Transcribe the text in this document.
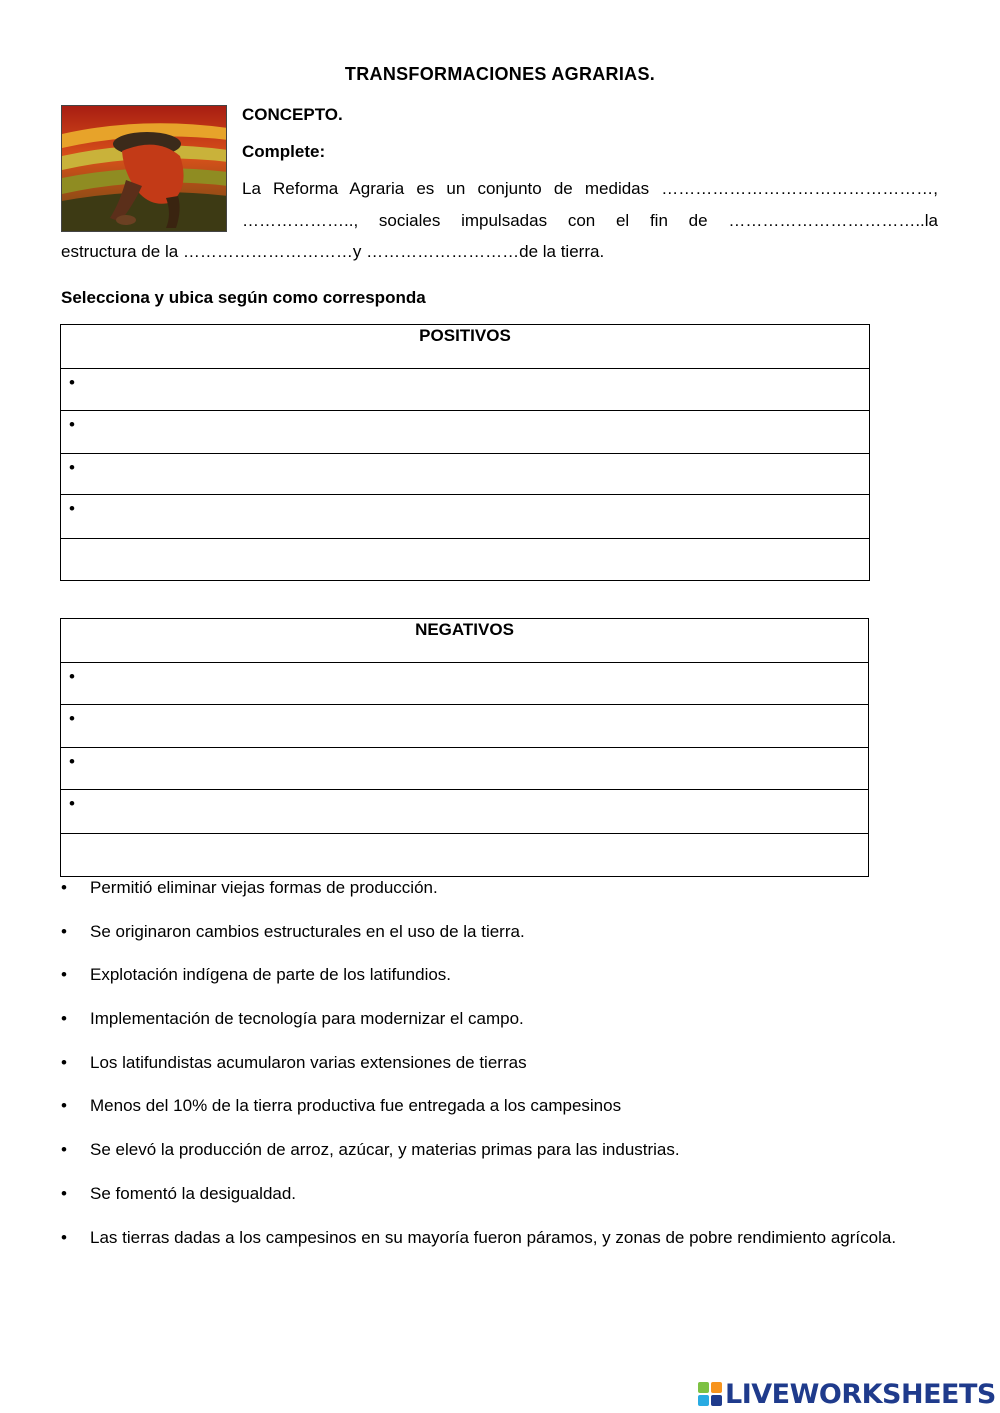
TRANSFORMACIONES AGRARIAS.
CONCEPTO.
Complete:
La Reforma Agraria es un conjunto de medidas …………………………………………,
……………….., sociales impulsadas con el fin de ……………………………..la
estructura de la …………………………y ………………………de la tierra.
Selecciona y ubica según como corresponda
POSITIVOS

•

•

•

•

NEGATIVOS

•

•

•

•

• Permitió eliminar viejas formas de producción.
• Se originaron cambios estructurales en el uso de la tierra.
• Explotación indígena de parte de los latifundios.
• Implementación de tecnología para modernizar el campo.
• Los latifundistas acumularon varias extensiones de tierras
• Menos del 10% de la tierra productiva fue entregada a los campesinos
• Se elevó la producción de arroz, azúcar, y materias primas para las industrias.
• Se fomentó la desigualdad.
• Las tierras dadas a los campesinos en su mayoría fueron páramos, y zonas de pobre rendimiento agrícola.
LIVEWORKSHEETS
